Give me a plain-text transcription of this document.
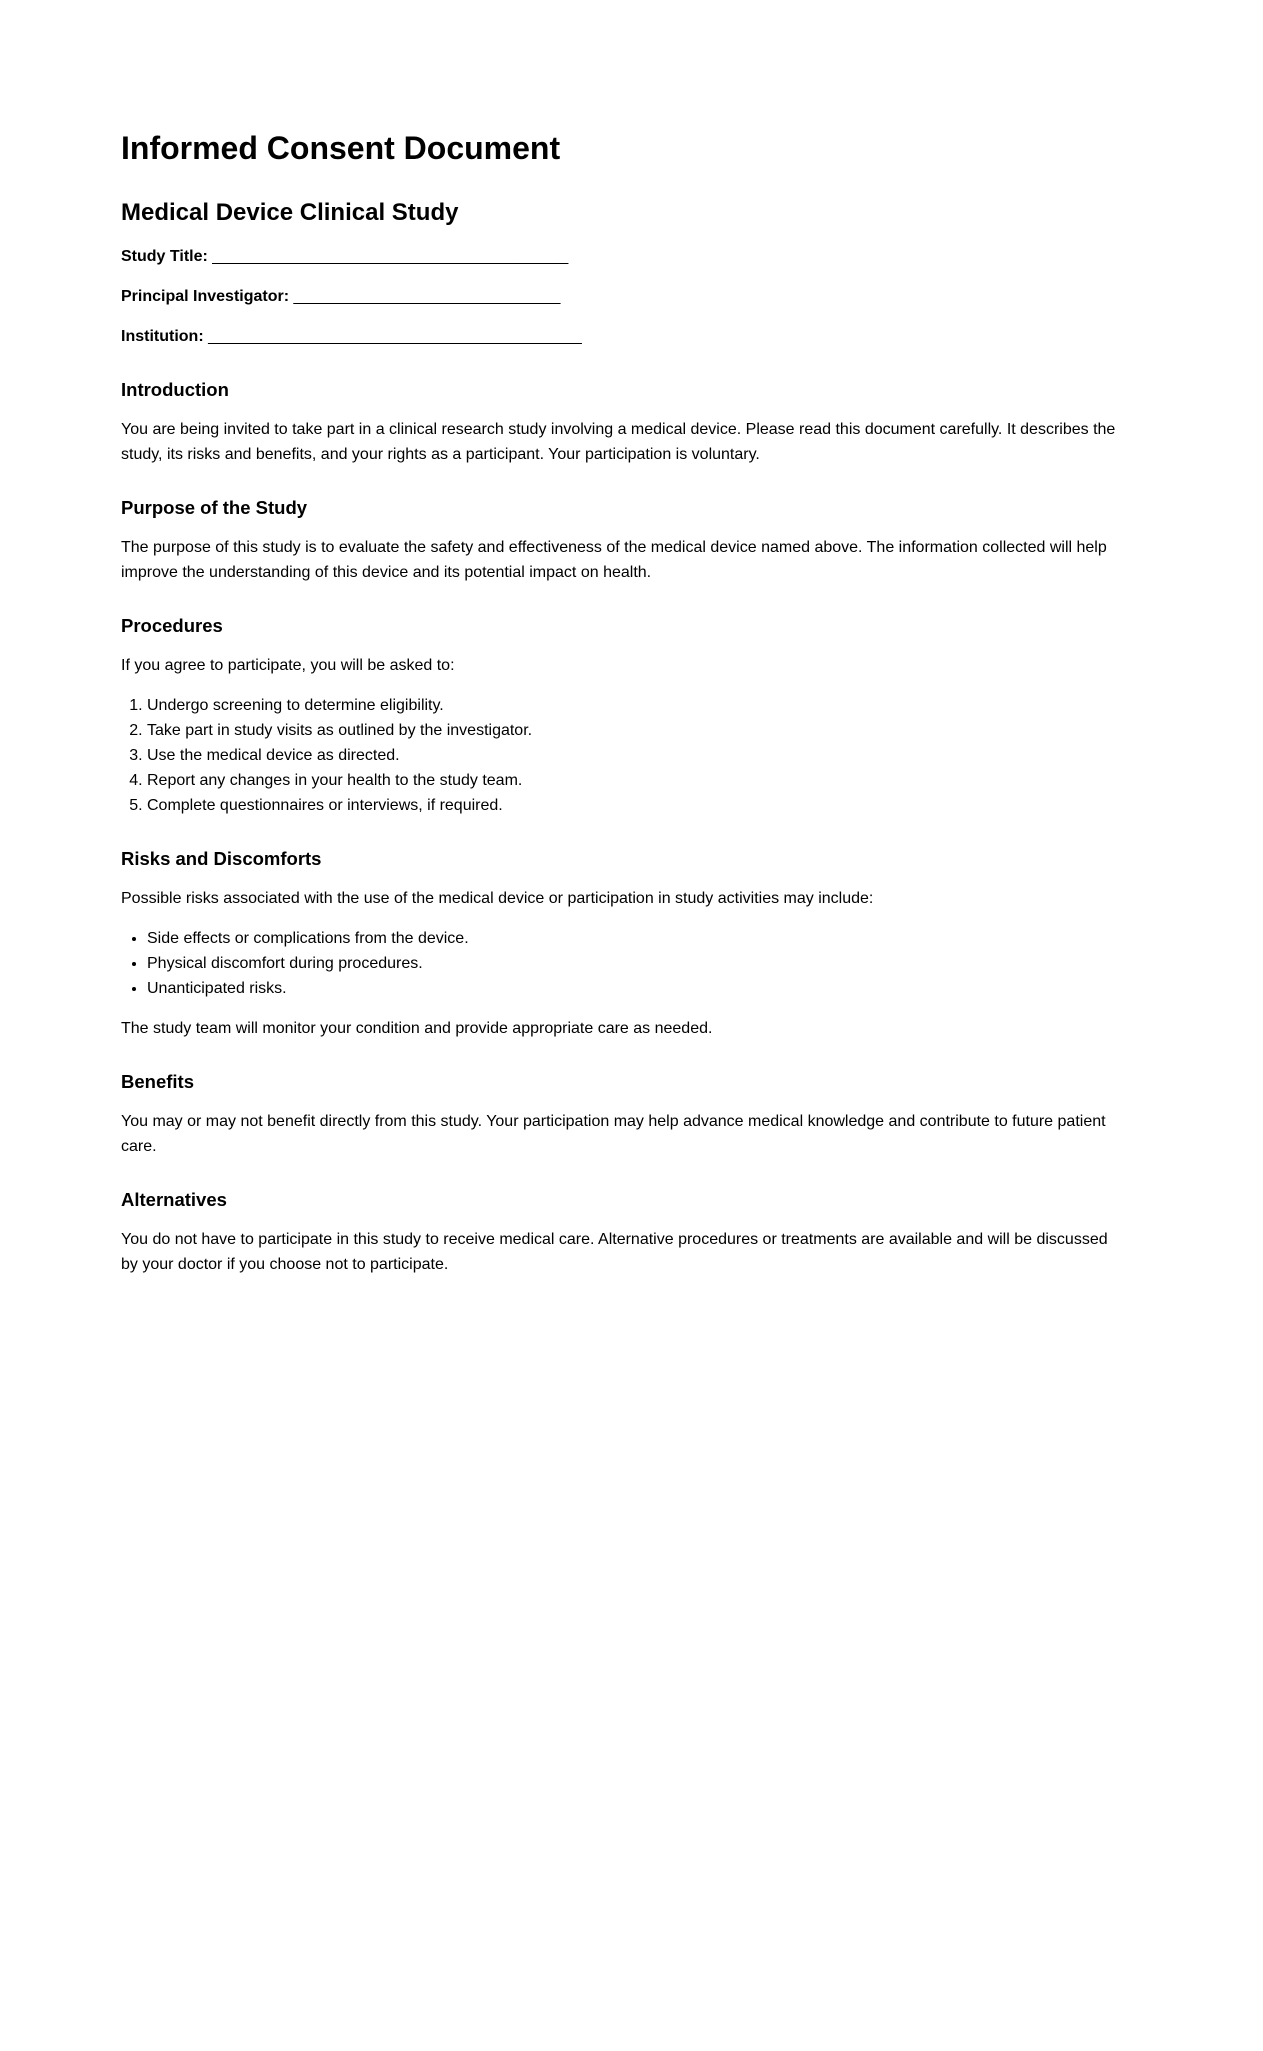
Informed Consent Document
Medical Device Clinical Study

Study Title: ________________________________________

Principal Investigator: ______________________________

Institution: __________________________________________

Introduction

You are being invited to take part in a clinical research study involving a medical device. Please read this document carefully. It describes the study, its risks and benefits, and your rights as a participant. Your participation is voluntary.

Purpose of the Study

The purpose of this study is to evaluate the safety and effectiveness of the medical device named above. The information collected will help improve the understanding of this device and its potential impact on health.

Procedures

If you agree to participate, you will be asked to:

1. Undergo screening to determine eligibility.
2. Take part in study visits as outlined by the investigator.
3. Use the medical device as directed.
4. Report any changes in your health to the study team.
5. Complete questionnaires or interviews, if required.
Risks and Discomforts

Possible risks associated with the use of the medical device or participation in study activities may include:

• Side effects or complications from the device.
• Physical discomfort during procedures.
• Unanticipated risks.

The study team will monitor your condition and provide appropriate care as needed.

Benefits

You may or may not benefit directly from this study. Your participation may help advance medical knowledge and contribute to future patient care.

Alternatives

You do not have to participate in this study to receive medical care. Alternative procedures or treatments are available and will be discussed by your doctor if you choose not to participate.
